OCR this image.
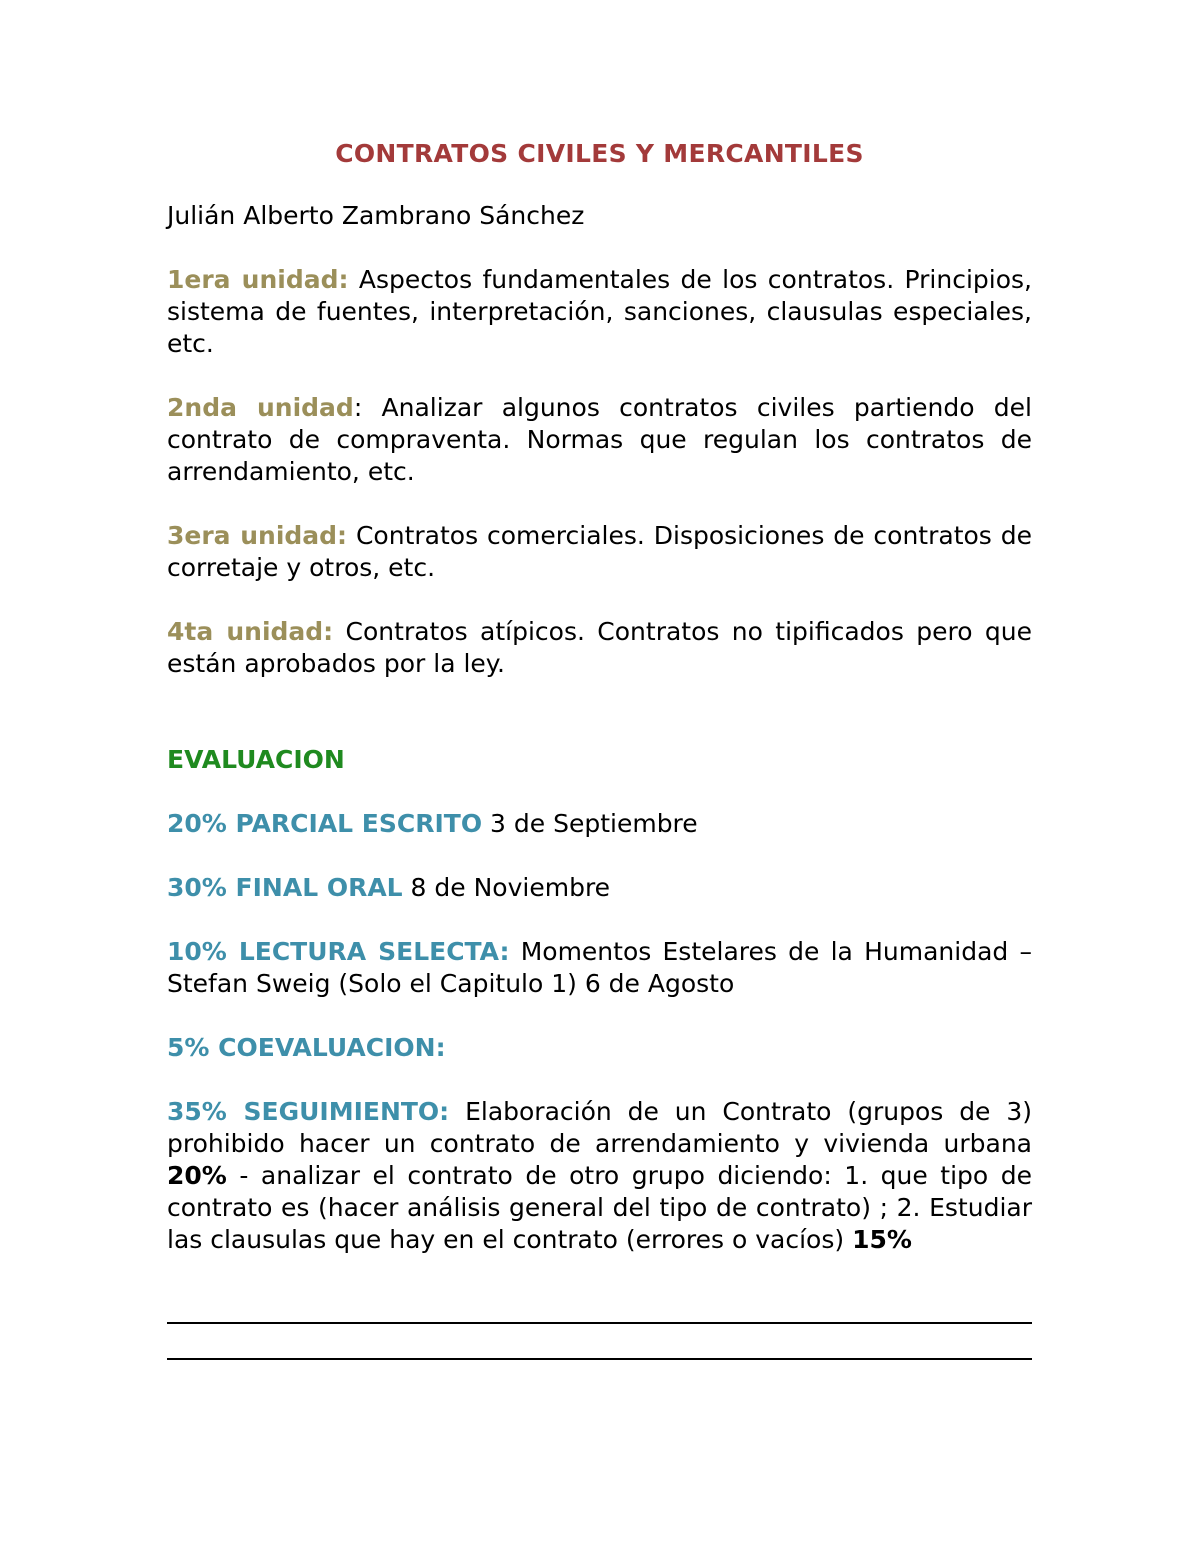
CONTRATOS CIVILES Y MERCANTILES
Julián Alberto Zambrano Sánchez
1era unidad: Aspectos fundamentales de los contratos. Principios, sistema de fuentes, interpretación, sanciones, clausulas especiales, etc.
2nda unidad: Analizar algunos contratos civiles partiendo del contrato de compraventa. Normas que regulan los contratos de arrendamiento, etc.
3era unidad: Contratos comerciales. Disposiciones de contratos de corretaje y otros, etc.
4ta unidad: Contratos atípicos. Contratos no tipificados pero que están aprobados por la ley.
EVALUACION
20% PARCIAL ESCRITO 3 de Septiembre
30% FINAL ORAL 8 de Noviembre
10% LECTURA SELECTA: Momentos Estelares de la Humanidad – Stefan Sweig (Solo el Capitulo 1) 6 de Agosto
5% COEVALUACION:
35% SEGUIMIENTO: Elaboración de un Contrato (grupos de 3) prohibido hacer un contrato de arrendamiento y vivienda urbana 20% - analizar el contrato de otro grupo diciendo: 1. que tipo de contrato es (hacer análisis general del tipo de contrato) ; 2. Estudiar las clausulas que hay en el contrato (errores o vacíos) 15%
